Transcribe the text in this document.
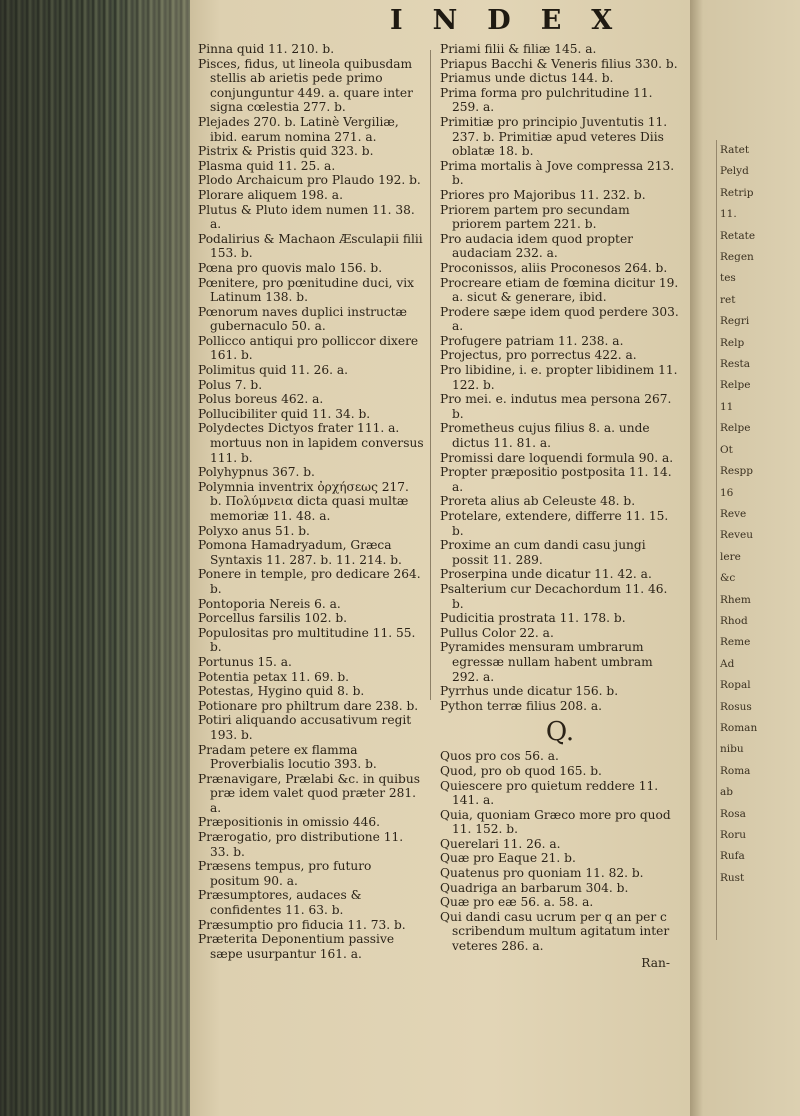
INDEX
Pinna quid 11. 210. b.
Pisces, fidus, ut lineola quibusdam stellis ab arietis pede primo conjunguntur 449. a. quare inter signa cœlestia 277. b.
Plejades 270. b. Latinè Vergiliæ, ibid. earum nomina 271. a.
Pistrix & Pristis quid 323. b.
Plasma quid 11. 25. a.
Plodo Archaicum pro Plaudo 192. b.
Plorare aliquem 198. a.
Plutus & Pluto idem numen 11. 38. a.
Podalirius & Machaon Æsculapii filii 153. b.
Pœna pro quovis malo 156. b.
Pœnitere, pro pœnitudine duci, vix Latinum 138. b.
Pœnorum naves duplici instructæ gubernaculo 50. a.
Pollicco antiqui pro polliccor dixere 161. b.
Polimitus quid 11. 26. a.
Polus 7. b.
Polus boreus 462. a.
Pollucibiliter quid 11. 34. b.
Polydectes Dictyos frater 111. a. mortuus non in lapidem conversus 111. b.
Polyhypnus 367. b.
Polymnia inventrix ὀρχήσεως 217. b. Πολύμνεια dicta quasi multæ memoriæ 11. 48. a.
Polyxo anus 51. b.
Pomona Hamadryadum, Græca Syntaxis 11. 287. b. 11. 214. b.
Ponere in temple, pro dedicare 264. b.
Pontoporia Nereis 6. a.
Porcellus farsilis 102. b.
Populositas pro multitudine 11. 55. b.
Portunus 15. a.
Potentia petax 11. 69. b.
Potestas, Hygino quid 8. b.
Potionare pro philtrum dare 238. b.
Potiri aliquando accusativum regit 193. b.
Pradam petere ex flamma Proverbialis locutio 393. b.
Prænavigare, Prælabi &c. in quibus præ idem valet quod præter 281. a.
Præpositionis in omissio 446.
Prærogatio, pro distributione 11. 33. b.
Præsens tempus, pro futuro positum 90. a.
Præsumptores, audaces & confidentes 11. 63. b.
Præsumptio pro fiducia 11. 73. b.
Præterita Deponentium passive sæpe usurpantur 161. a.
Priami filii & filiæ 145. a.
Priapus Bacchi & Veneris filius 330. b.
Priamus unde dictus 144. b.
Prima forma pro pulchritudine 11. 259. a.
Primitiæ pro principio Juventutis 11. 237. b. Primitiæ apud veteres Diis oblatæ 18. b.
Prima mortalis à Jove compressa 213. b.
Priores pro Majoribus 11. 232. b.
Priorem partem pro secundam priorem partem 221. b.
Pro audacia idem quod propter audaciam 232. a.
Proconissos, aliis Proconesos 264. b.
Procreare etiam de fœmina dicitur 19. a. sicut & generare, ibid.
Prodere sæpe idem quod perdere 303. a.
Profugere patriam 11. 238. a.
Projectus, pro porrectus 422. a.
Pro libidine, i. e. propter libidinem 11. 122. b.
Pro mei. e. indutus mea persona 267. b.
Prometheus cujus filius 8. a. unde dictus 11. 81. a.
Promissi dare loquendi formula 90. a.
Propter præpositio postposita 11. 14. a.
Proreta alius ab Celeuste 48. b.
Protelare, extendere, differre 11. 15. b.
Proxime an cum dandi casu jungi possit 11. 289.
Proserpina unde dicatur 11. 42. a.
Psalterium cur Decachordum 11. 46. b.
Pudicitia prostrata 11. 178. b.
Pullus Color 22. a.
Pyramides mensuram umbrarum egressæ nullam habent umbram 292. a.
Pyrrhus unde dicatur 156. b.
Python terræ filius 208. a.
Q.
Quos pro cos 56. a.
Quod, pro ob quod 165. b.
Quiescere pro quietum reddere 11. 141. a.
Quia, quoniam Græco more pro quod 11. 152. b.
Querelari 11. 26. a.
Quæ pro Eaque 21. b.
Quatenus pro quoniam 11. 82. b.
Quadriga an barbarum 304. b.
Quæ pro eæ 56. a. 58. a.
Qui dandi casu ucrum per q an per c scribendum multum agitatum inter veteres 286. a.
Ran-
Ratet
Pelyd
Retrip
11.
Retate
Regen
tes
ret
Regri
Relp
Resta
Relpe
11
Relpe
Ot
Respp
16
Reve
Reveu
lere
&c
Rhem
Rhod
Reme
Ad
Ropal
Rosus
Roman
nibu
Roma
ab
Rosa
Roru
Rufa
Rust
